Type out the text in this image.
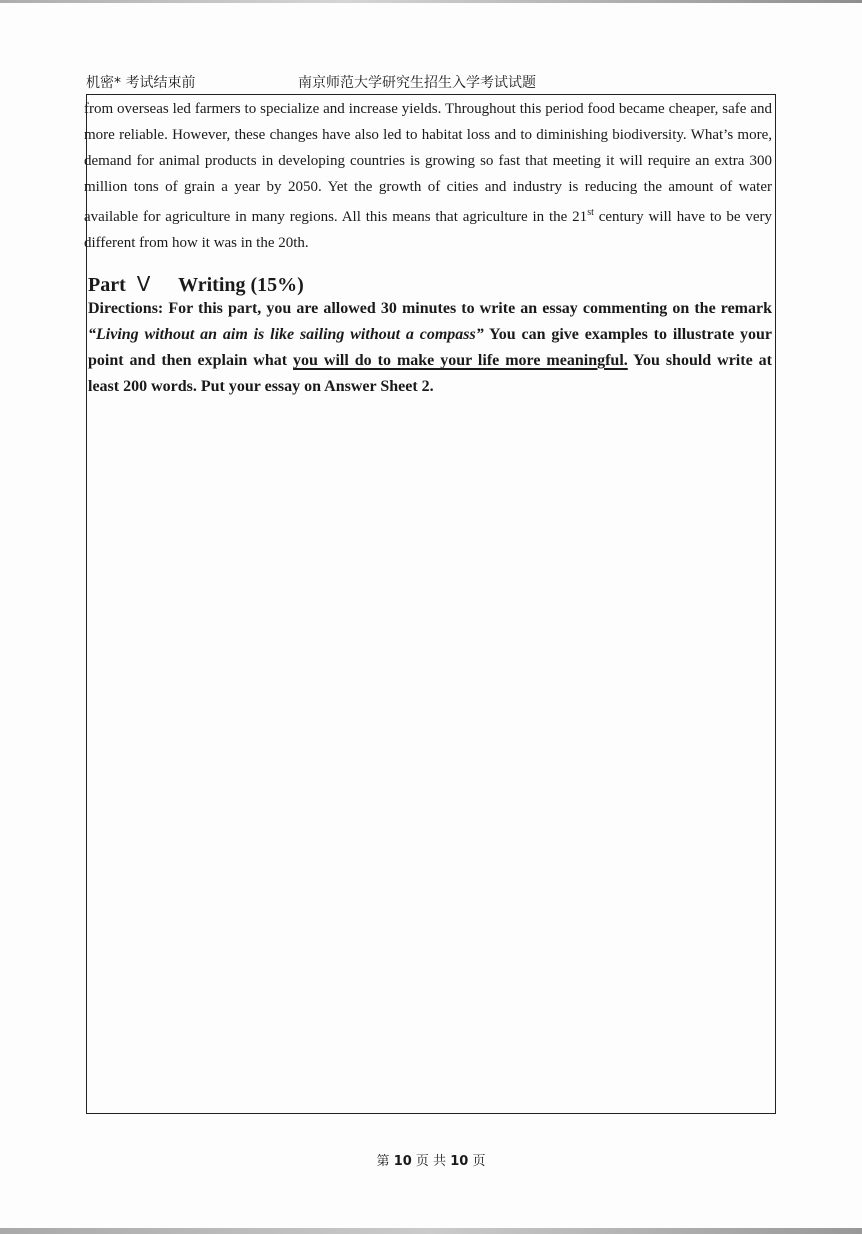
机密* 考试结束前	南京师范大学研究生招生入学考试试题

from overseas led farmers to specialize and increase yields. Throughout this period food became cheaper, safe and more reliable. However, these changes have also led to habitat loss and to diminishing biodiversity. What’s more, demand for animal products in developing countries is growing so fast that meeting it will require an extra 300 million tons of grain a year by 2050. Yet the growth of cities and industry is reducing the amount of water available for agriculture in many regions. All this means that agriculture in the 21st century will have to be very different from how it was in the 20th.

Part V Writing (15%)

Directions: For this part, you are allowed 30 minutes to write an essay commenting on the remark “Living without an aim is like sailing without a compass” You can give examples to illustrate your point and then explain what you will do to make your life more meaningful. You should write at least 200 words. Put your essay on Answer Sheet 2.

第 10 页 共 10 页
